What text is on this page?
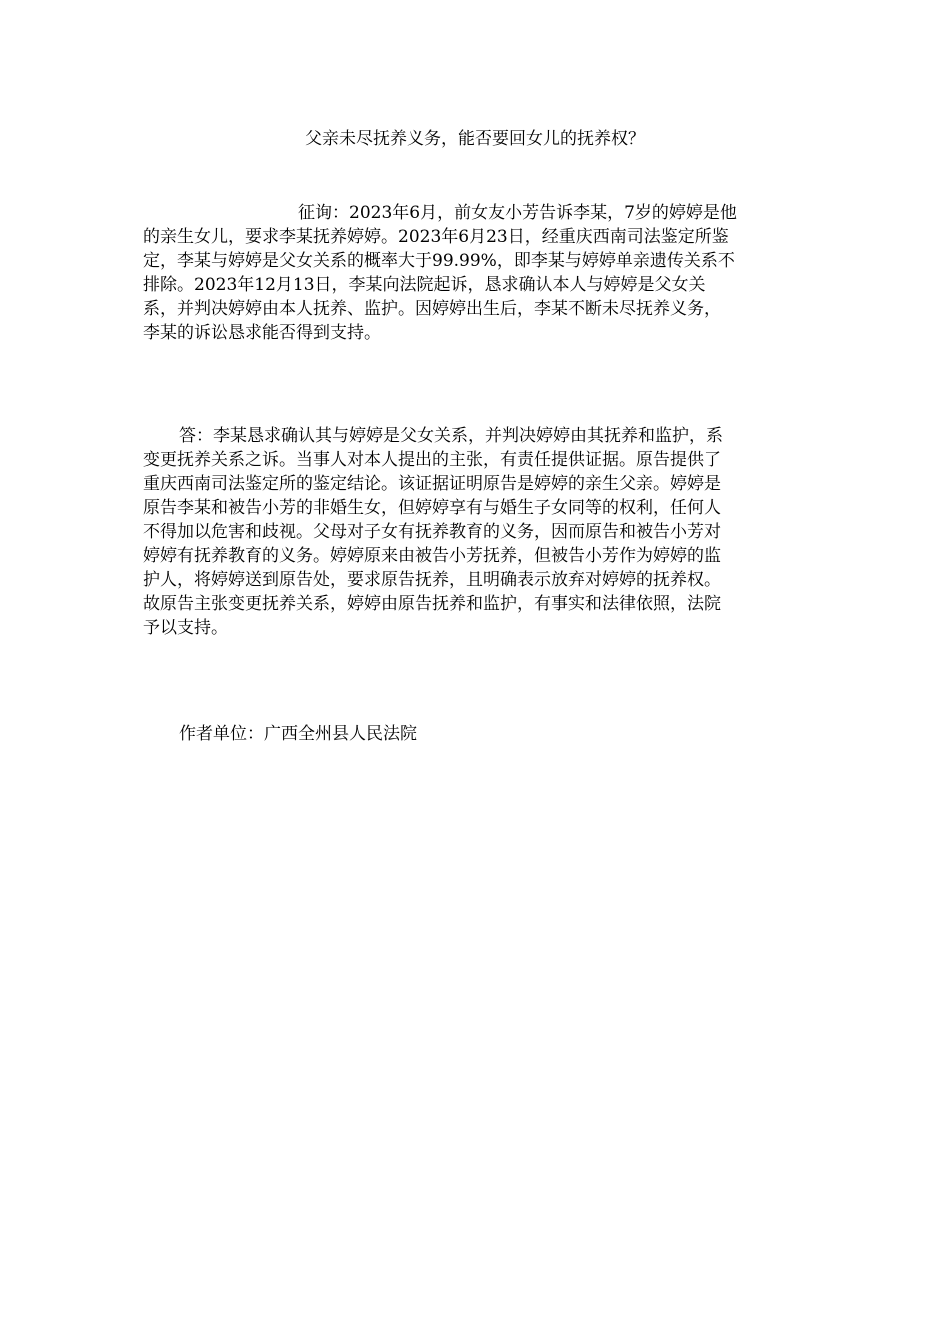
父亲未尽抚养义务，能否要回女儿的抚养权？
征询：2023年6月，前女友小芳告诉李某，7岁的婷婷是他
的亲生女儿，要求李某抚养婷婷。2023年6月23日，经重庆西南司法鉴定所鉴
定，李某与婷婷是父女关系的概率大于99.99%，即李某与婷婷单亲遗传关系不
排除。2023年12月13日，李某向法院起诉，恳求确认本人与婷婷是父女关
系，并判决婷婷由本人抚养、监护。因婷婷出生后，李某不断未尽抚养义务，
李某的诉讼恳求能否得到支持。
答：李某恳求确认其与婷婷是父女关系，并判决婷婷由其抚养和监护，系
变更抚养关系之诉。当事人对本人提出的主张，有责任提供证据。原告提供了
重庆西南司法鉴定所的鉴定结论。该证据证明原告是婷婷的亲生父亲。婷婷是
原告李某和被告小芳的非婚生女，但婷婷享有与婚生子女同等的权利，任何人
不得加以危害和歧视。父母对子女有抚养教育的义务，因而原告和被告小芳对
婷婷有抚养教育的义务。婷婷原来由被告小芳抚养，但被告小芳作为婷婷的监
护人，将婷婷送到原告处，要求原告抚养，且明确表示放弃对婷婷的抚养权。
故原告主张变更抚养关系，婷婷由原告抚养和监护，有事实和法律依照，法院
予以支持。
作者单位：广西全州县人民法院
